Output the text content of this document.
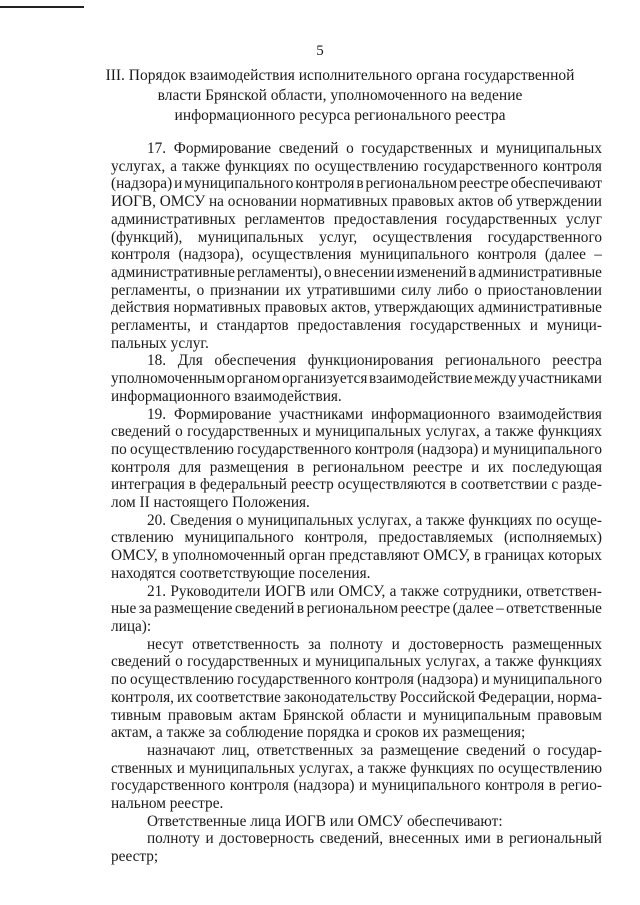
5
III. Порядок взаимодействия исполнительного органа государственной
власти Брянской области, уполномоченного на ведение
информационного ресурса регионального реестра
17. Формирование сведений о государственных и муниципальных
услугах, а также функциях по осуществлению государственного контроля
(надзора) и муниципального контроля в региональном реестре обеспечивают
ИОГВ, ОМСУ на основании нормативных правовых актов об утверждении
административных регламентов предоставления государственных услуг
(функций), муниципальных услуг, осуществления государственного
контроля (надзора), осуществления муниципального контроля (далее –
административные регламенты), о внесении изменений в административные
регламенты, о признании их утратившими силу либо о приостановлении
действия нормативных правовых актов, утверждающих административные
регламенты, и стандартов предоставления государственных и муници-
пальных услуг.
18. Для обеспечения функционирования регионального реестра
уполномоченным органом организуется взаимодействие между участниками
информационного взаимодействия.
19. Формирование участниками информационного взаимодействия
сведений о государственных и муниципальных услугах, а также функциях
по осуществлению государственного контроля (надзора) и муниципального
контроля для размещения в региональном реестре и их последующая
интеграция в федеральный реестр осуществляются в соответствии с разде-
лом II настоящего Положения.
20. Сведения о муниципальных услугах, а также функциях по осуще-
ствлению муниципального контроля, предоставляемых (исполняемых)
ОМСУ, в уполномоченный орган представляют ОМСУ, в границах которых
находятся соответствующие поселения.
21. Руководители ИОГВ или ОМСУ, а также сотрудники, ответствен-
ные за размещение сведений в региональном реестре (далее – ответственные
лица):
несут ответственность за полноту и достоверность размещенных
сведений о государственных и муниципальных услугах, а также функциях
по осуществлению государственного контроля (надзора) и муниципального
контроля, их соответствие законодательству Российской Федерации, норма-
тивным правовым актам Брянской области и муниципальным правовым
актам, а также за соблюдение порядка и сроков их размещения;
назначают лиц, ответственных за размещение сведений о государ-
ственных и муниципальных услугах, а также функциях по осуществлению
государственного контроля (надзора) и муниципального контроля в регио-
нальном реестре.
Ответственные лица ИОГВ или ОМСУ обеспечивают:
полноту и достоверность сведений, внесенных ими в региональный
реестр;
